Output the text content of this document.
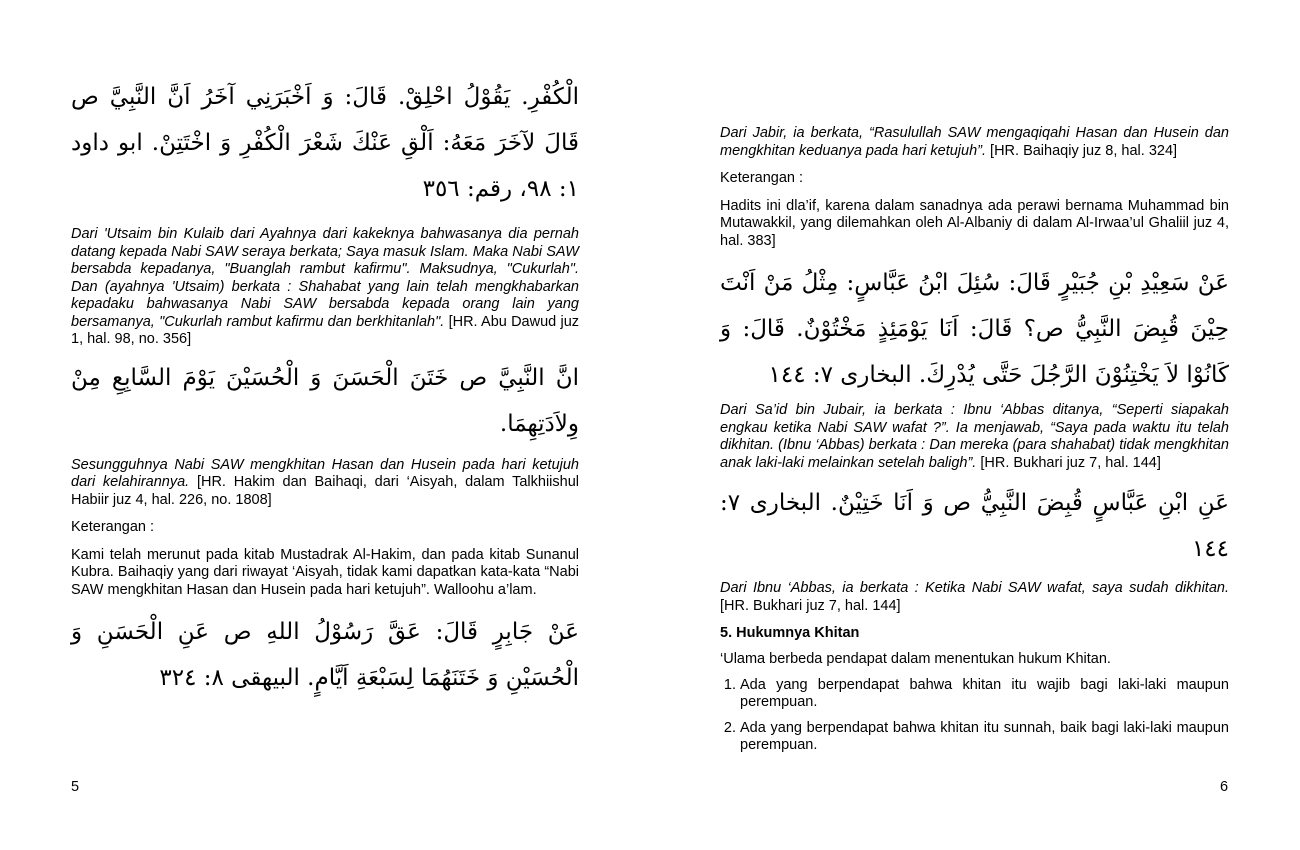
الْكُفْرِ. يَقُوْلُ احْلِقْ. قَالَ: وَ اَخْبَرَنِي آخَرُ اَنَّ النَّبِيَّ ص قَالَ لآخَرَ مَعَهُ: اَلْقِ عَنْكَ شَعْرَ الْكُفْرِ وَ اخْتَتِنْ. ابو داود ١: ٩٨، رقم: ٣٥٦

Dari 'Utsaim bin Kulaib dari Ayahnya dari kakeknya bahwasanya dia pernah datang kepada Nabi SAW seraya berkata; Saya masuk Islam. Maka Nabi SAW bersabda kepadanya, "Buanglah rambut kafirmu". Maksudnya, "Cukurlah". Dan (ayahnya 'Utsaim) berkata : Shahabat yang lain telah mengkhabarkan kepadaku bahwasanya Nabi SAW bersabda kepada orang lain yang bersamanya, "Cukurlah rambut kafirmu dan berkhitanlah". [HR. Abu Dawud juz 1, hal. 98, no. 356]

انَّ النَّبِيَّ ص خَتَنَ الْحَسَنَ وَ الْحُسَيْنَ يَوْمَ السَّابِعِ مِنْ وِلاَدَتِهِمَا.

Sesungguhnya Nabi SAW mengkhitan Hasan dan Husein pada hari ketujuh dari kelahirannya. [HR. Hakim dan Baihaqi, dari ‘Aisyah, dalam Talkhiishul Habiir juz 4, hal. 226, no. 1808]

Keterangan :

Kami telah merunut pada kitab Mustadrak Al-Hakim, dan pada kitab Sunanul Kubra. Baihaqiy yang dari riwayat ‘Aisyah, tidak kami dapatkan kata-kata “Nabi SAW mengkhitan Hasan dan Husein pada hari ketujuh”. Walloohu a’lam.

عَنْ جَابِرٍ قَالَ: عَقَّ رَسُوْلُ اللهِ ص عَنِ الْحَسَنِ وَ الْحُسَيْنِ وَ خَتَنَهُمَا لِسَبْعَةِ اَيَّامٍ. البيهقى ٨: ٣٢٤

5

Dari Jabir, ia berkata, “Rasulullah SAW mengaqiqahi Hasan dan Husein dan mengkhitan keduanya pada hari ketujuh”. [HR. Baihaqiy juz 8, hal. 324]

Keterangan :

Hadits ini dla’if, karena dalam sanadnya ada perawi bernama Muhammad bin Mutawakkil, yang dilemahkan oleh Al-Albaniy di dalam Al-Irwaa’ul Ghaliil juz 4, hal. 383]

عَنْ سَعِيْدِ بْنِ جُبَيْرٍ قَالَ: سُئِلَ ابْنُ عَبَّاسٍ: مِثْلُ مَنْ اَنْتَ حِيْنَ قُبِضَ النَّبِيُّ ص؟ قَالَ: اَنَا يَوْمَئِذٍ مَخْتُوْنٌ. قَالَ: وَ كَانُوْا لاَ يَخْتِنُوْنَ الرَّجُلَ حَتَّى يُدْرِكَ. البخارى ٧: ١٤٤

Dari Sa’id bin Jubair, ia berkata : Ibnu ‘Abbas ditanya, “Seperti siapakah engkau ketika Nabi SAW wafat ?”. Ia menjawab, “Saya pada waktu itu telah dikhitan. (Ibnu ‘Abbas) berkata : Dan mereka (para shahabat) tidak mengkhitan anak laki-laki melainkan setelah baligh”. [HR. Bukhari juz 7, hal. 144]

عَنِ ابْنِ عَبَّاسٍ قُبِضَ النَّبِيُّ ص وَ اَنَا خَتِيْنٌ. البخارى ٧: ١٤٤

Dari Ibnu ‘Abbas, ia berkata : Ketika Nabi SAW wafat, saya sudah dikhitan. [HR. Bukhari juz 7, hal. 144]

5. Hukumnya Khitan

‘Ulama berbeda pendapat dalam menentukan hukum Khitan.

1. Ada yang berpendapat bahwa khitan itu wajib bagi laki-laki maupun perempuan.
2. Ada yang berpendapat bahwa khitan itu sunnah, baik bagi laki-laki maupun perempuan.
6
